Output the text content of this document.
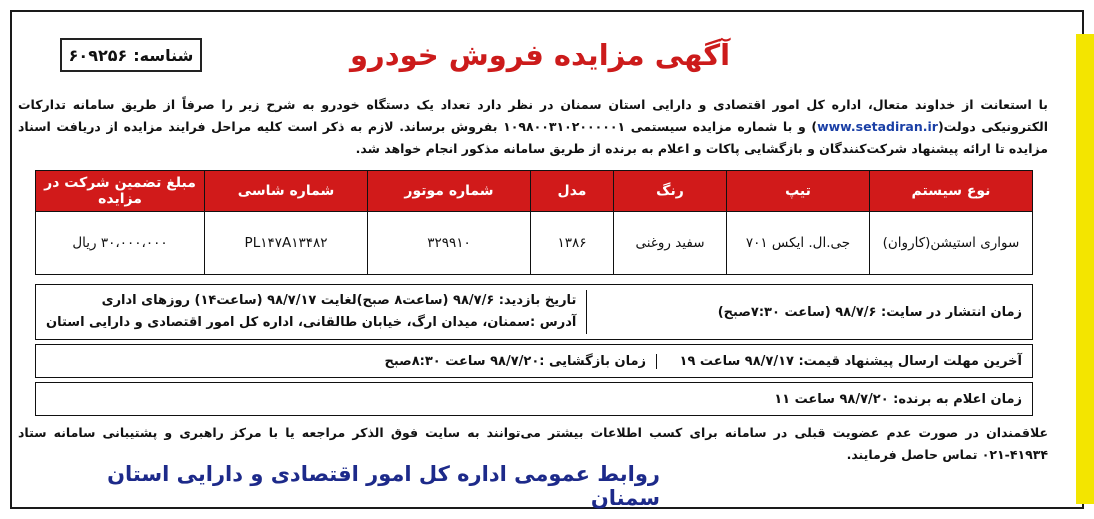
شناسه:
۶۰۹۲۵۶	آگهی مزایده فروش خودرو
با استعانت از خداوند متعال، اداره کل امور اقتصادی و دارایی استان سمنان در نظر دارد تعداد یک دستگاه خودرو به شرح زیر را صرفاً از طریق سامانه تدارکات الکترونیکی دولت(www.setadiran.ir) و با شماره مزایده سیستمی ۱۰۹۸۰۰۳۱۰۲۰۰۰۰۰۱ بفروش برساند. لازم به ذکر است کلیه مراحل فرایند مزایده از دریافت اسناد مزایده تا ارائه پیشنهاد شرکت‌کنندگان و بازگشایی پاکات و اعلام به برنده از طریق سامانه مذکور انجام خواهد شد.
نوع سیستم	تیپ	رنگ	مدل	شماره موتور	شماره شاسی	مبلغ تضمین شرکت در مزایده
سواری استیشن(کاروان)	جی.ال. ایکس ۷۰۱	سفید روغنی	۱۳۸۶	۳۲۹۹۱۰	PL۱۴۷A۱۳۴۸۲	۳۰،۰۰۰،۰۰۰ ریال
زمان انتشار در سایت: ۹۸/۷/۶ (ساعت ۷:۳۰صبح)
تاریخ بازدید: ۹۸/۷/۶ (ساعت۸ صبح)لغایت ۹۸/۷/۱۷ (ساعت۱۴) روزهای اداری
آدرس :سمنان، میدان ارگ، خیابان طالقانی، اداره کل امور اقتصادی و دارایی استان
آخرین مهلت ارسال پیشنهاد قیمت: ۹۸/۷/۱۷ ساعت ۱۹
زمان بازگشایی :۹۸/۷/۲۰ ساعت ۸:۳۰صبح
زمان اعلام به برنده: ۹۸/۷/۲۰ ساعت ۱۱
علاقمندان در صورت عدم عضویت قبلی در سامانه برای کسب اطلاعات بیشتر می‌توانند به سایت فوق الذکر مراجعه یا با مرکز راهبری و پشتیبانی سامانه ستاد ۴۱۹۳۴-۰۲۱ تماس حاصل فرمایند.
روابط عمومی اداره کل امور اقتصادی و دارایی استان سمنان
